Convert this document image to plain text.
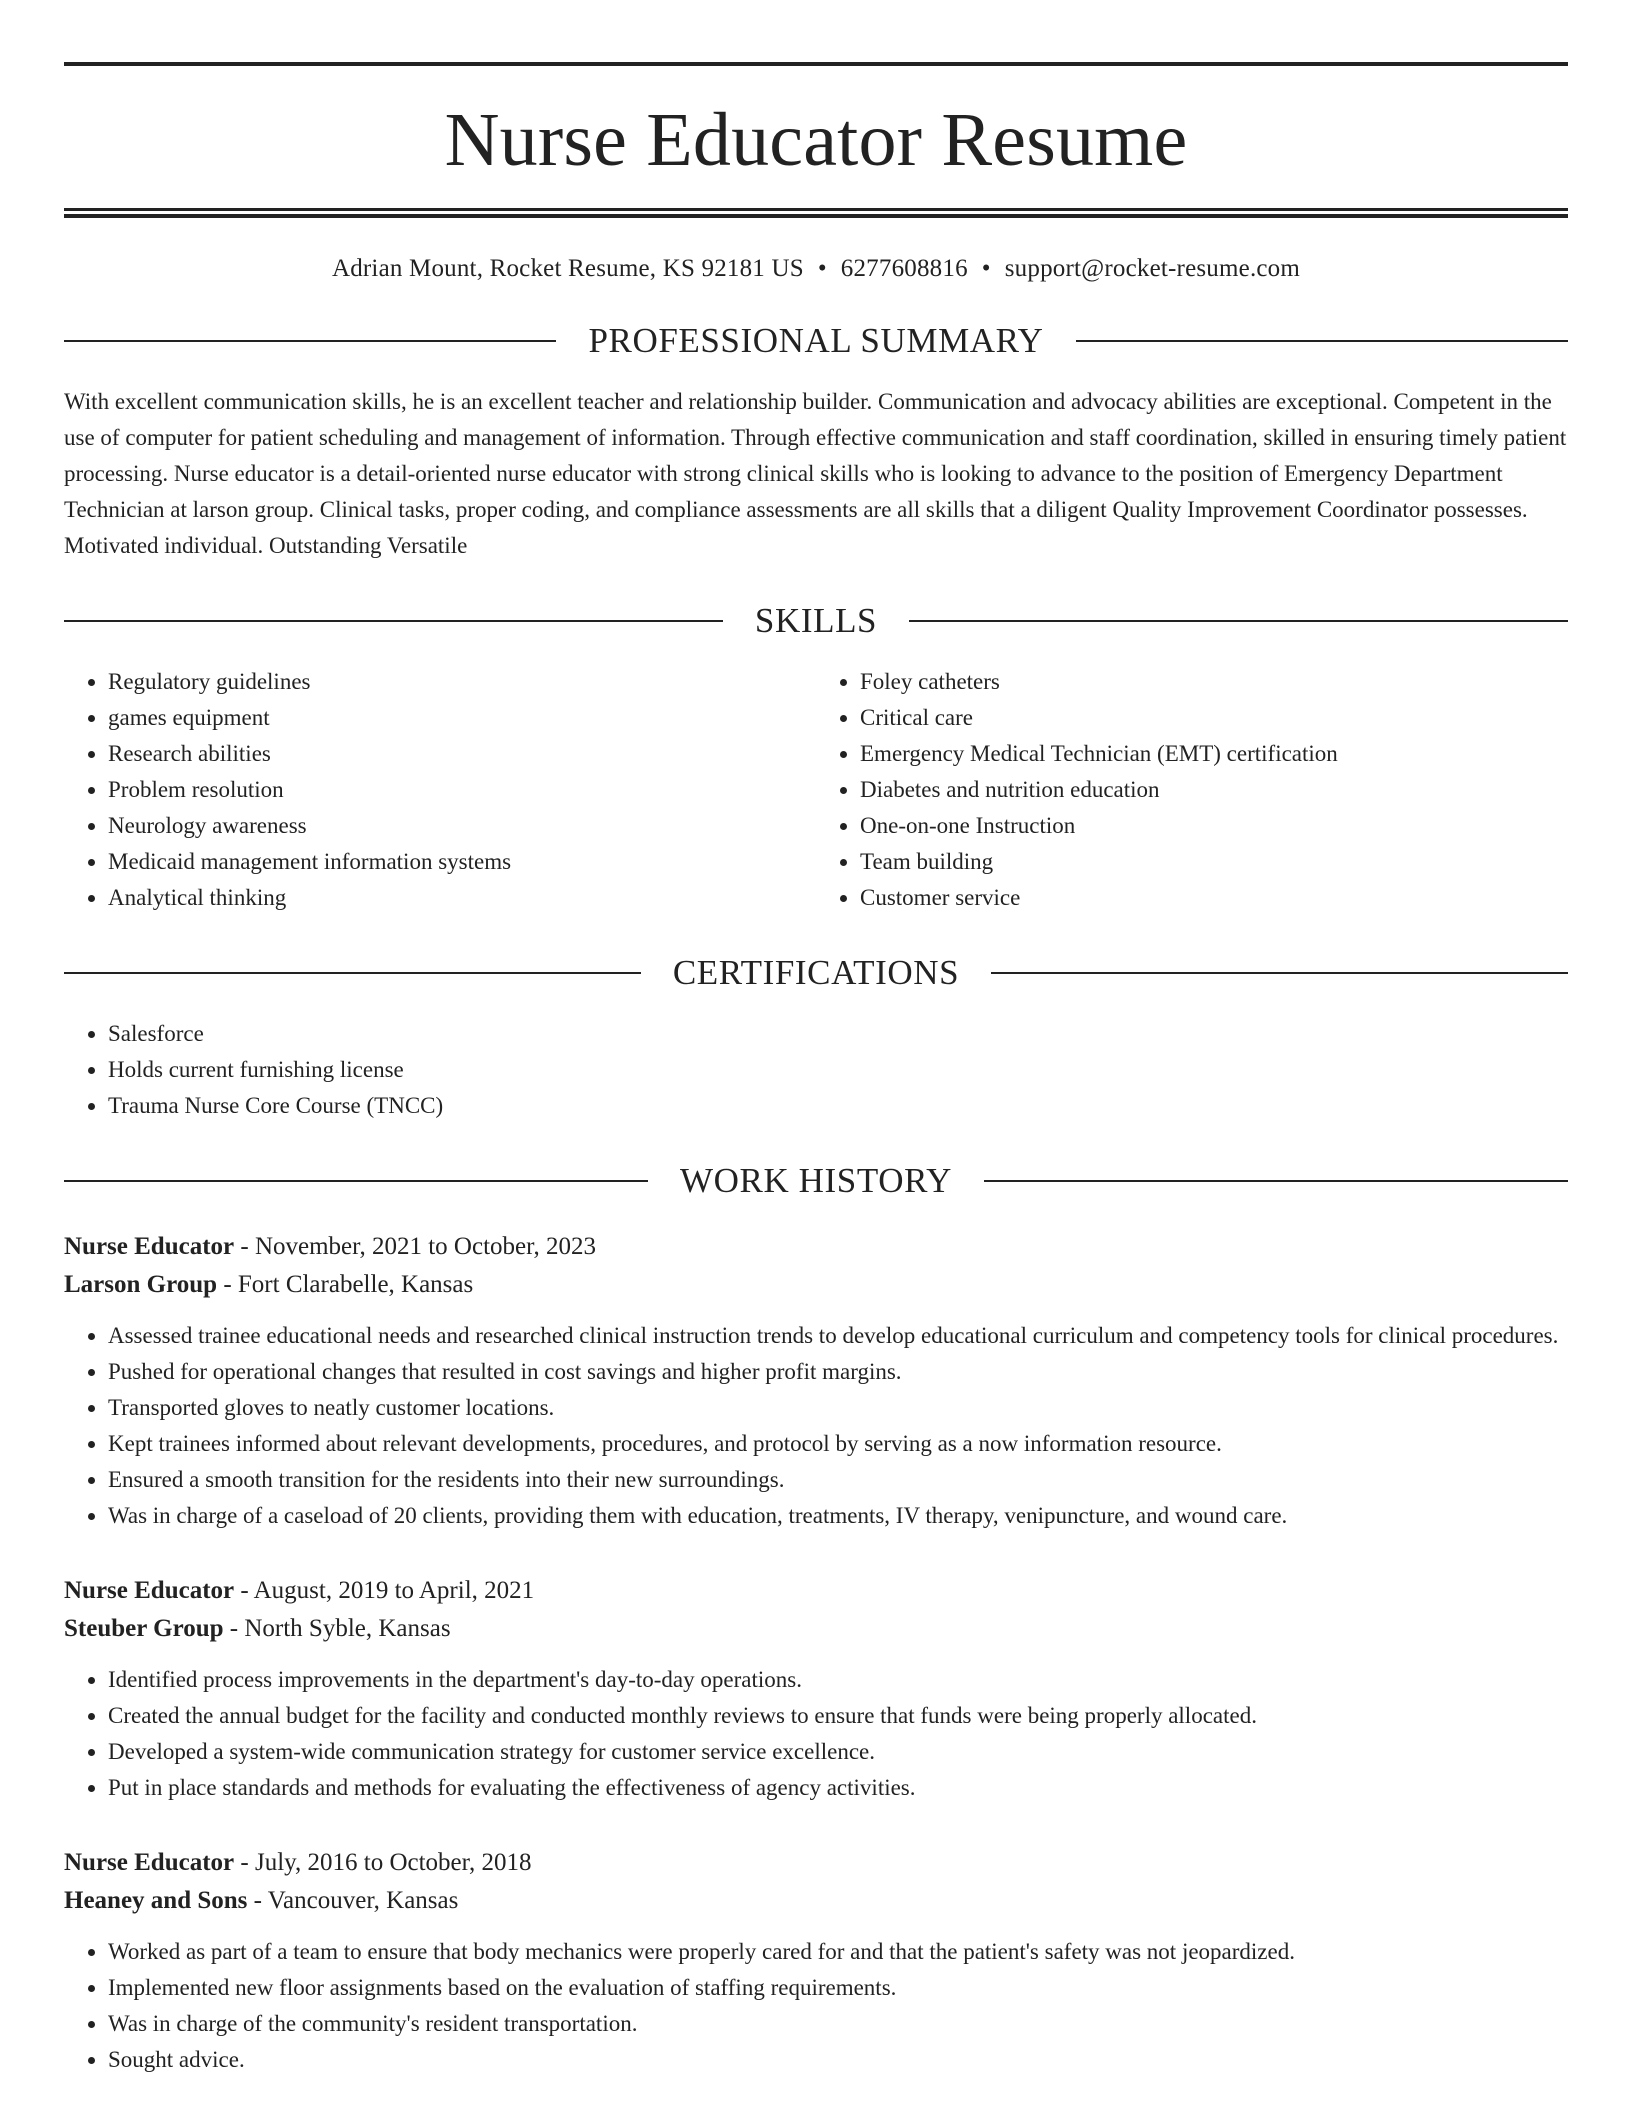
Nurse Educator Resume
Adrian Mount, Rocket Resume, KS 92181 US • 6277608816 • support@rocket-resume.com
PROFESSIONAL SUMMARY
With excellent communication skills, he is an excellent teacher and relationship builder. Communication and advocacy abilities are exceptional. Competent in the use of computer for patient scheduling and management of information. Through effective communication and staff coordination, skilled in ensuring timely patient processing. Nurse educator is a detail-oriented nurse educator with strong clinical skills who is looking to advance to the position of Emergency Department Technician at larson group. Clinical tasks, proper coding, and compliance assessments are all skills that a diligent Quality Improvement Coordinator possesses. Motivated individual. Outstanding Versatile
SKILLS
• Regulatory guidelines
• games equipment
• Research abilities
• Problem resolution
• Neurology awareness
• Medicaid management information systems
• Analytical thinking
• Foley catheters
• Critical care
• Emergency Medical Technician (EMT) certification
• Diabetes and nutrition education
• One-on-one Instruction
• Team building
• Customer service
CERTIFICATIONS
• Salesforce
• Holds current furnishing license
• Trauma Nurse Core Course (TNCC)
WORK HISTORY
Nurse Educator - November, 2021 to October, 2023
Larson Group - Fort Clarabelle, Kansas
• Assessed trainee educational needs and researched clinical instruction trends to develop educational curriculum and competency tools for clinical procedures.
• Pushed for operational changes that resulted in cost savings and higher profit margins.
• Transported gloves to neatly customer locations.
• Kept trainees informed about relevant developments, procedures, and protocol by serving as a now information resource.
• Ensured a smooth transition for the residents into their new surroundings.
• Was in charge of a caseload of 20 clients, providing them with education, treatments, IV therapy, venipuncture, and wound care.
Nurse Educator - August, 2019 to April, 2021
Steuber Group - North Syble, Kansas
• Identified process improvements in the department's day-to-day operations.
• Created the annual budget for the facility and conducted monthly reviews to ensure that funds were being properly allocated.
• Developed a system-wide communication strategy for customer service excellence.
• Put in place standards and methods for evaluating the effectiveness of agency activities.
Nurse Educator - July, 2016 to October, 2018
Heaney and Sons - Vancouver, Kansas
• Worked as part of a team to ensure that body mechanics were properly cared for and that the patient's safety was not jeopardized.
• Implemented new floor assignments based on the evaluation of staffing requirements.
• Was in charge of the community's resident transportation.
• Sought advice.
